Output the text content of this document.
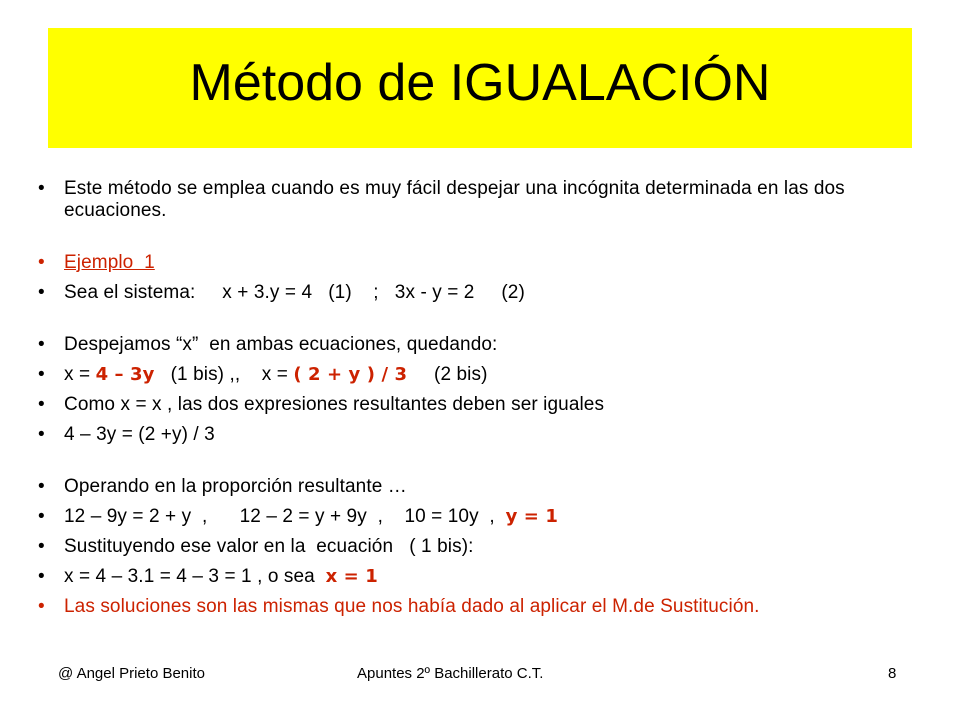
Método de IGUALACIÓN
•	Este método se emplea cuando es muy fácil despejar una incógnita determinada en las dos ecuaciones.
•	Ejemplo  1
•	Sea el sistema:     x + 3.y = 4   (1)    ;   3x - y = 2     (2)
•	Despejamos “x”  en ambas ecuaciones, quedando:
•	x = 4 – 3y   (1 bis) ,,    x = ( 2 + y ) / 3     (2 bis)
•	Como x = x , las dos expresiones resultantes deben ser iguales
•	4 – 3y = (2 +y) / 3
•	Operando en la proporción resultante …
•	12 – 9y = 2 + y  ,      12 – 2 = y + 9y  ,    10 = 10y  ,  y = 1
•	Sustituyendo ese valor en la  ecuación   ( 1 bis):
•	x = 4 – 3.1 = 4 – 3 = 1 , o sea  x = 1
•	Las soluciones son las mismas que nos había dado al aplicar el M.de Sustitución.
@ Angel Prieto Benito	Apuntes 2º Bachillerato C.T.	8
